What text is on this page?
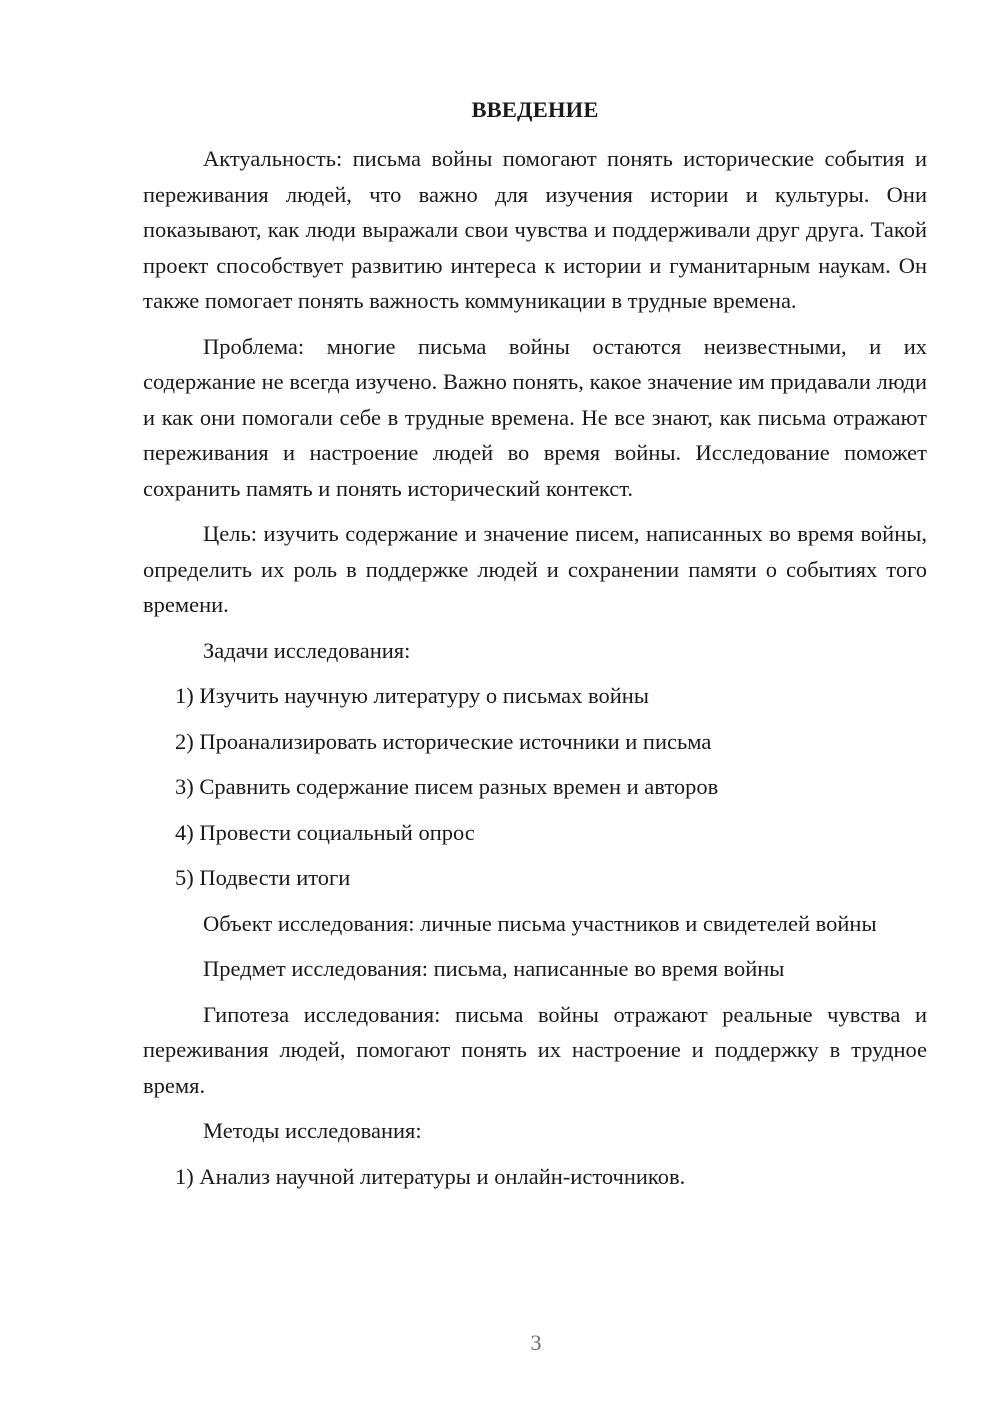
ВВЕДЕНИЕ

Актуальность: письма войны помогают понять исторические события и переживания людей, что важно для изучения истории и культуры. Они показывают, как люди выражали свои чувства и поддерживали друг друга. Такой проект способствует развитию интереса к истории и гуманитарным наукам. Он также помогает понять важность коммуникации в трудные времена.

Проблема: многие письма войны остаются неизвестными, и их содержание не всегда изучено. Важно понять, какое значение им придавали люди и как они помогали себе в трудные времена. Не все знают, как письма отражают переживания и настроение людей во время войны. Исследование поможет сохранить память и понять исторический контекст.

Цель: изучить содержание и значение писем, написанных во время войны, определить их роль в поддержке людей и сохранении памяти о событиях того времени.

Задачи исследования:

1) Изучить научную литературу о письмах войны
2) Проанализировать исторические источники и письма
3) Сравнить содержание писем разных времен и авторов
4) Провести социальный опрос
5) Подвести итоги

Объект исследования: личные письма участников и свидетелей войны

Предмет исследования: письма, написанные во время войны

Гипотеза исследования: письма войны отражают реальные чувства и переживания людей, помогают понять их настроение и поддержку в трудное время.

Методы исследования:

1) Анализ научной литературы и онлайн-источников.
3
